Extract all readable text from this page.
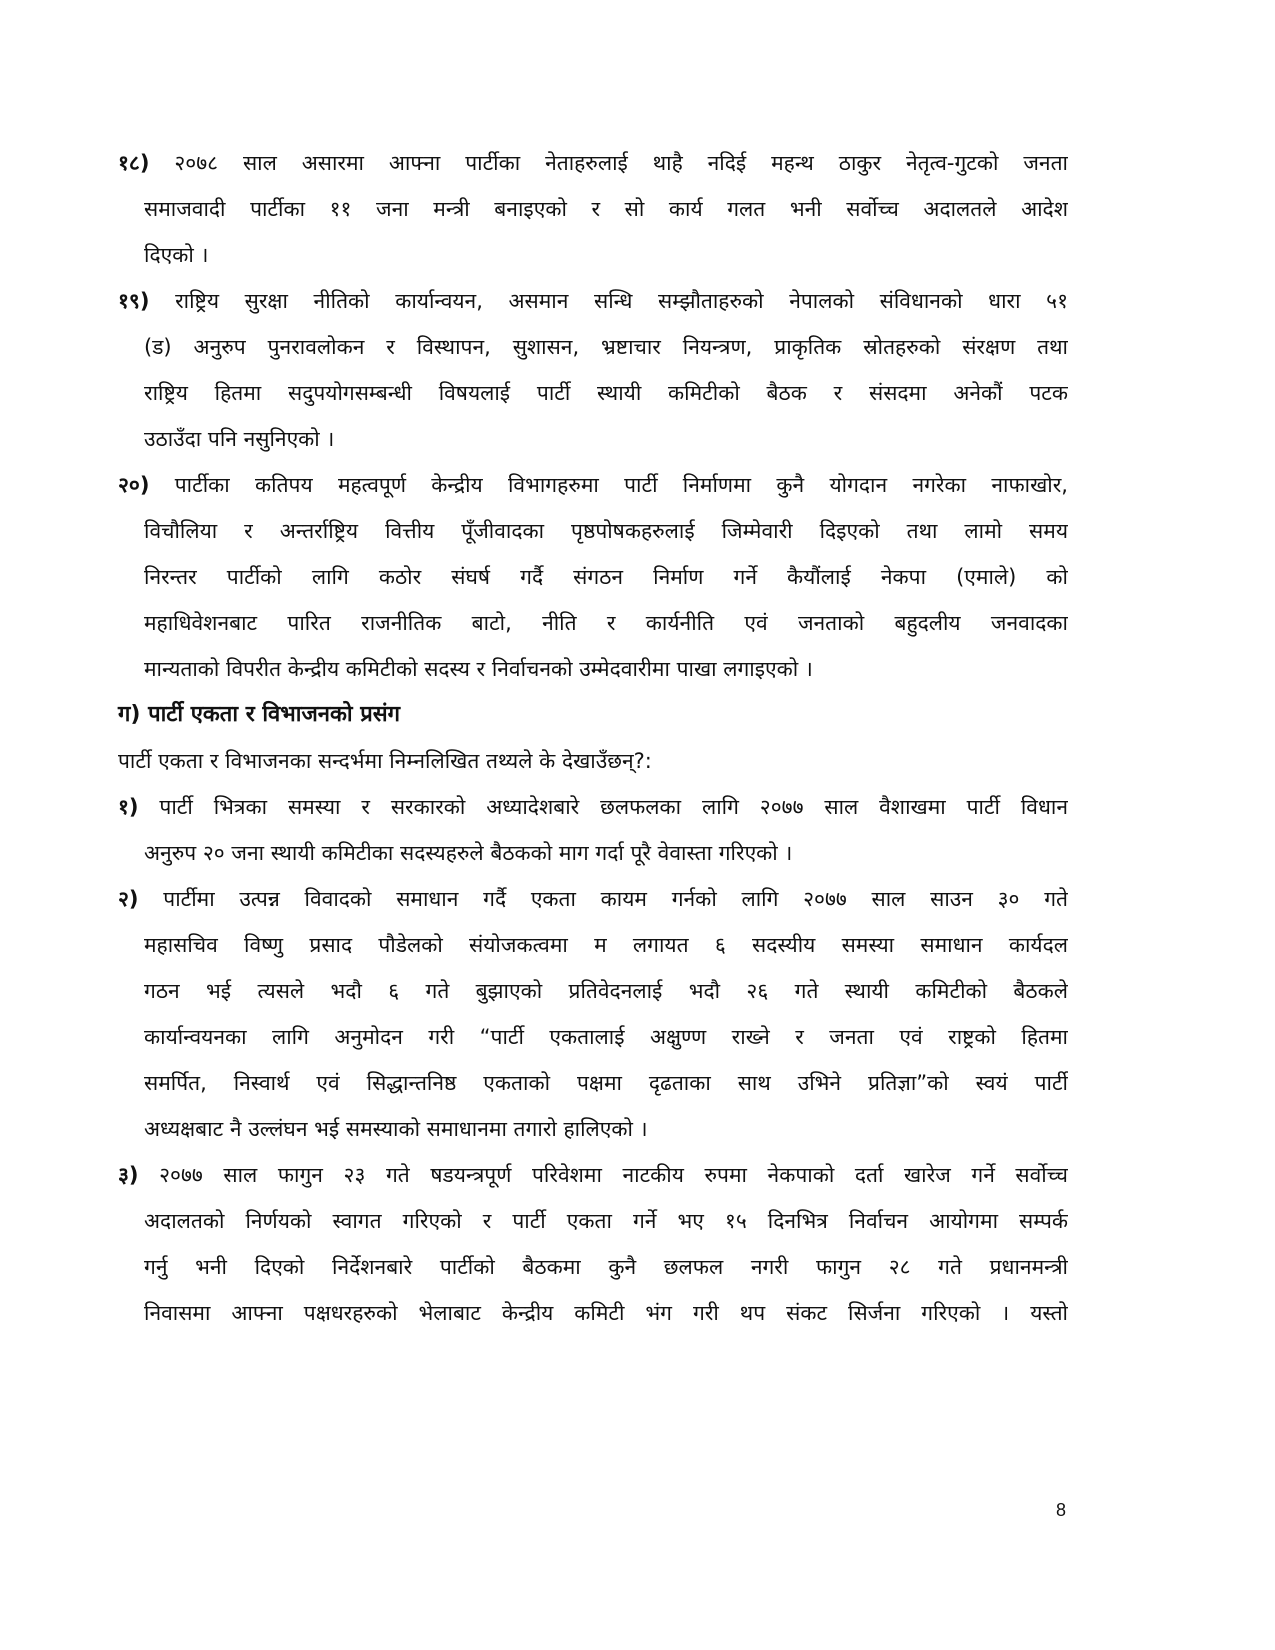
१८) २०७८ साल असारमा आफ्ना पार्टीका नेताहरुलाई थाहै नदिई महन्थ ठाकुर नेतृत्व-गुटको जनता
समाजवादी पार्टीका ११ जना मन्त्री बनाइएको र सो कार्य गलत भनी सर्वोच्च अदालतले आदेश
दिएको ।
१९) राष्ट्रिय सुरक्षा नीतिको कार्यान्वयन, असमान सन्धि सम्झौताहरुको नेपालको संविधानको धारा ५१
(ड) अनुरुप पुनरावलोकन र विस्थापन, सुशासन, भ्रष्टाचार नियन्त्रण, प्राकृतिक स्रोतहरुको संरक्षण तथा
राष्ट्रिय हितमा सदुपयोगसम्बन्धी विषयलाई पार्टी स्थायी कमिटीको बैठक र संसदमा अनेकौं पटक
उठाउँदा पनि नसुनिएको ।
२०) पार्टीका कतिपय महत्वपूर्ण केन्द्रीय विभागहरुमा पार्टी निर्माणमा कुनै योगदान नगरेका नाफाखोर,
विचौलिया र अन्तर्राष्ट्रिय वित्तीय पूँजीवादका पृष्ठपोषकहरुलाई जिम्मेवारी दिइएको तथा लामो समय
निरन्तर पार्टीको लागि कठोर संघर्ष गर्दै संगठन निर्माण गर्ने कैयौंलाई नेकपा (एमाले) को
महाधिवेशनबाट पारित राजनीतिक बाटो, नीति र कार्यनीति एवं जनताको बहुदलीय जनवादका
मान्यताको विपरीत केन्द्रीय कमिटीको सदस्य र निर्वाचनको उम्मेदवारीमा पाखा लगाइएको ।
ग) पार्टी एकता र विभाजनको प्रसंग
पार्टी एकता र विभाजनका सन्दर्भमा निम्नलिखित तथ्यले के देखाउँछन्?:
१) पार्टी भित्रका समस्या र सरकारको अध्यादेशबारे छलफलका लागि २०७७ साल वैशाखमा पार्टी विधान
अनुरुप २० जना स्थायी कमिटीका सदस्यहरुले बैठकको माग गर्दा पूरै वेवास्ता गरिएको ।
२) पार्टीमा उत्पन्न विवादको समाधान गर्दै एकता कायम गर्नको लागि २०७७ साल साउन ३० गते
महासचिव विष्णु प्रसाद पौडेलको संयोजकत्वमा म लगायत ६ सदस्यीय समस्या समाधान कार्यदल
गठन भई त्यसले भदौ ६ गते बुझाएको प्रतिवेदनलाई भदौ २६ गते स्थायी कमिटीको बैठकले
कार्यान्वयनका लागि अनुमोदन गरी “पार्टी एकतालाई अक्षुण्ण राख्ने र जनता एवं राष्ट्रको हितमा
समर्पित, निस्वार्थ एवं सिद्धान्तनिष्ठ एकताको पक्षमा दृढताका साथ उभिने प्रतिज्ञा”को स्वयं पार्टी
अध्यक्षबाट नै उल्लंघन भई समस्याको समाधानमा तगारो हालिएको ।
३) २०७७ साल फागुन २३ गते षडयन्त्रपूर्ण परिवेशमा नाटकीय रुपमा नेकपाको दर्ता खारेज गर्ने सर्वोच्च
अदालतको निर्णयको स्वागत गरिएको र पार्टी एकता गर्ने भए १५ दिनभित्र निर्वाचन आयोगमा सम्पर्क
गर्नु भनी दिएको निर्देशनबारे पार्टीको बैठकमा कुनै छलफल नगरी फागुन २८ गते प्रधानमन्त्री
निवासमा आफ्ना पक्षधरहरुको भेलाबाट केन्द्रीय कमिटी भंग गरी थप संकट सिर्जना गरिएको । यस्तो
8
